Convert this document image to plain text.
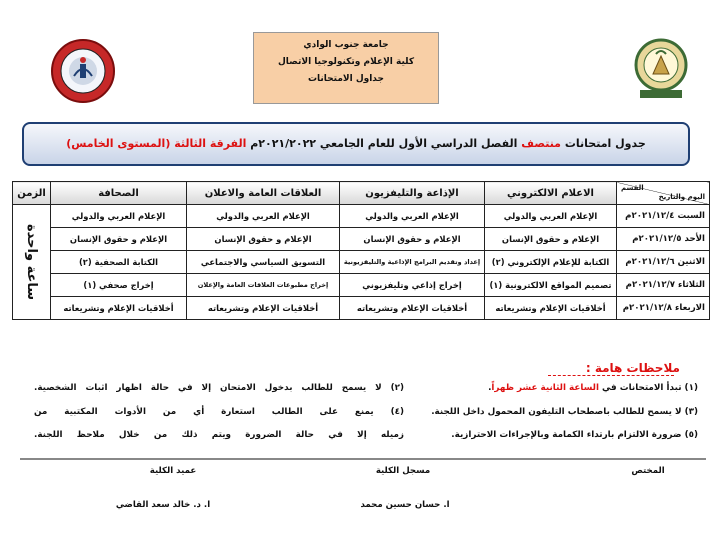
جامعة جنوب الوادي
كلية الإعلام وتكنولوجيا الاتصال
جداول الامتحانات
جدول امتحانات منتصف الفصل الدراسي الأول للعام الجامعي ٢٠٢١/٢٠٢٢م الفرقة الثالثة (المستوى الخامس)
القسم
اليوم والتاريخ	الاعلام الالكتروني	الإذاعة والتليفزيون	العلاقات العامة والاعلان	الصحافة	الزمن
السبت ٢٠٢١/١٢/٤م	الإعلام العربي والدولي	الإعلام العربي والدولي	الإعلام العربي والدولي	الإعلام العربي والدولي	ساعة واحدة
الأحد ٢٠٢١/١٢/٥م	الإعلام و حقوق الإنسان	الإعلام و حقوق الإنسان	الإعلام و حقوق الإنسان	الإعلام و حقوق الإنسان	
الاثنين ٢٠٢١/١٢/٦م	الكتابة للإعلام الإلكتروني (٢)	إعداد وتقديم البرامج الإذاعية والتليفزيونية	التسويق السياسي والاجتماعي	الكتابة الصحفية (٢)	
الثلاثاء ٢٠٢١/١٢/٧م	تصميم المواقع الالكترونية (١)	إخراج إذاعي وتليفزيوني	إخراج مطبوعات العلاقات العامة والإعلان	إخراج صحفي (١)	
الاربعاء ٢٠٢١/١٢/٨م	أخلاقيات الإعلام وتشريعاته	أخلاقيات الإعلام وتشريعاته	أخلاقيات الإعلام وتشريعاته	أخلاقيات الإعلام وتشريعاته	
ملاحظات هامة :
(١) تبدأ الامتحانات في الساعة الثانية عشر ظهراً.
(٣) لا يسمح للطالب باصطحاب التليفون المحمول داخل اللجنة.
(٥) ضرورة الالتزام بارتداء الكمامة وبالإجراءات الاحترازية.
(٢) لا يسمح للطالب بدخول الامتحان إلا في حالة اظهار اثبات الشخصية.
(٤) يمنع على الطالب استعارة أي من الأدوات المكتبية من
زميله إلا في حالة الضرورة ويتم ذلك من خلال ملاحظ اللجنة.
المختص
مسجل الكلية
عميد الكلية
ا. حسان حسين محمد
ا. د. خالد سعد القاضي
